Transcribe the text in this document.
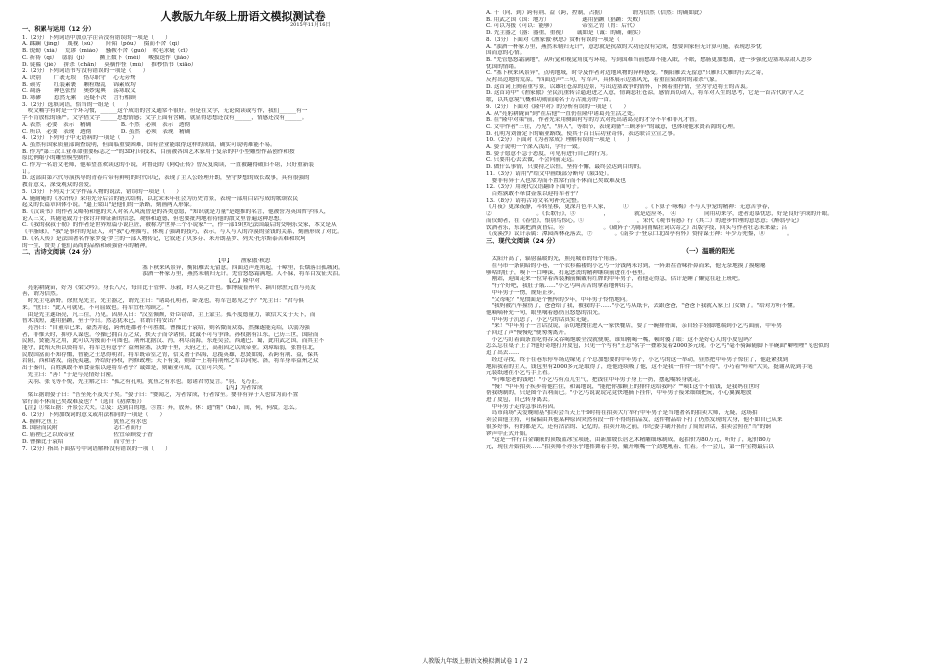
人教版九年级上册语文模拟测试卷
2015年11月16日
一、积累与运用（12 分）
1.（2分）下列词语中加点字注音没有错误的一项是（　　）
A. 蹂躏（jìng）　 蔑视（sù）　　 阡陌（pǒu）　 掇而不舍（qì）
B. 锐勤（xià）　 荒谬（miào）　 骚鞍不舍（guǒ）　吹毛求疵（cī）
C. 祈祷（qí）　 孱弱（jì）　 　 撅上数下（méi）　 峻拔迭作（jiǎo）
D. 徒褴（jié）　 拼杀（chān）　 莫横作怪（mù）　 推杪悟书（xiāo）
2.（2分）下列词语书写没有错误的一项是（　　）
A. 诀别　　 广袤无垠　 恪尽职守　 心无旁骛
B. 顽劣　　 红装素裹　 颗粒缭乱　 锦素成均
C. 凋落　　 神色张惶　 奥妙鬼典　 荡寒取义
D. 寒碜　　 惹然无累　 迟疑不决　 言行相顾
3.（2分）选填词语，恰当的一组是（　　）
　咬文嚼字有时是一个坏习惯，______这个成语的含义通常不很好。但是在文学，无论阅读或写作，我们______有一
字不肯放松的谨严。文学借文字______思想情感；文字上面有含糊，就显得思想还没有______，情感还没有______。
A. 表然　必要　表示　精确　　　　　 B. 不然　必须　表示　透彻
C. 所以　必要　表现　透彻　　　　　 D. 虽然　必须　表现　精确
4.（2分）下列句子中无语病的一项是（　　）
A. 虽然有国家质量部调查说明，但面临重要困难，国有企业能取得这样的成绩，确实可说明难能不易。
B. 作为"第三次工业革命重要标志之一"的3D打印技术，目前被各国艺术家用于复杂的中小型雕塑作品创作和按
原比例缩小的雕塑模型制作。
C. 作为一名语文老师，他希望喜欢读这的小说，对鲁迅的《阿Q正传》曾反复阅读，一直被翻得破旧不堪，只好重新装
订。
D. 这部由第六代导演执导的青春片带有鲜明的时代印记，表现了主人公经理开朗，坚守梦想的成长故事，具有很强的
教育意义，深受观众的喜爱。
5.（3分）下列关于文学作品人物的说法，错误的一项是（　　）
A. 施耐庵的《水浒传》采用先分后合的链式结构，以北宋末年社会为历史背景，表现一部用白话写成的歌颂农民
起义的长篇章回体小说。"逼上梁山"是他们的一条路，刻画两人形象。
B.《汉谈书》的作者艾略特和他的夫人对名人风流曾是的各类意愿，"知识就是力量"是她推的名言，他被誉为英国哲学伟人，
论人三文，其随笔致力于探讨并辩证新的信念，观察和道德，但也要批判地看待他的散文里普遍这种思想。
C.《我的叔叔于勒》的作者是世界短篇小说巨匠，被称为"世界三个小说家"一，作一部19世纪法国最后的交响乐交家，本文是从
《羊脂球》，"我"是事件的见证人，对"我"心理描写，体现了强调的技巧，表示，与人与人的冷漠的金钱的关系，刻画形成了对比。
D.《名人传》是法国著名作家罗曼·罗兰的一部人物传记，它叙述了贝多芬、米开朗基罗、列夫·托尔斯泰苦难和坎坷
的一生，赞美了他们高尚的品格和顽强奋斗的精神。
二、古诗文阅读（24 分）
【甲】　　渔家傲·秋思
塞下秋来风景异，衡阳雁去无留意。四面边声连角起，千嶂里，长烟落日孤城闭。
浊酒一杯家万里，燕然未勒归无计。羌管悠悠霜满地。人不寐，将军白发征夫泪。
【乙】隆中对
　亮躬耕陇亩，好为《梁父吟》。身长八尺，每自比于管仲、乐毅，时人莫之许也。惟博陵崔州平、颍川徐庶元直与亮友
善，谓为信然。
　时先主屯新野。徐庶见先主，先主器之，谓先主曰："诸葛孔明者，卧龙也，将军岂愿见之乎？"先主曰："君与俱
来。"庶曰："此人可就见，不可屈致也。将军宜枉驾顾之。"
　由是先主遂诣亮，凡三往，乃见。因屏人曰："汉室倾颓，奸臣窃命，主上蒙尘。孤不度德量力，欲信大义于天下，而
智术浅短，遂用猖蹶，至于今日。然志犹未已，君谓计将安出？"
　亮答曰："自董卓已来，豪杰并起，跨州连郡者不可胜数。曹操比于袁绍，则名微而众寡，然操遂能克绍，以弱为强
者，非惟天时，抑亦人谋也。今操已拥百万之众，挟天子而令诸侯，此诚不可与争锋。孙权据有江东，已历三世，国险而
民附，贤能为之用，此可以为援而不可图也。荆州北据汉、沔，利尽南海，东连吴会，西通巴、蜀，此用武之国，而其主不
能守，此殆天所以资将军，将军岂有意乎？益州险塞，沃野千里，天府之土，高祖因之以成帝业。刘璋暗弱，张鲁在北，
民殷国富而不知存恤，智能之士思得明君。将军既帝室之胄，信义著于四海，总揽英雄，思贤如渴，若跨有荆、益，保其
岩阻，西和诸戎，南抚夷越，外结好孙权，内修政理；天下有变，则命一上将将荆州之军以向宛、洛，将军身率益州之众
出于秦川，百姓孰敢不箪食壶浆以迎将军者乎？诚如是，则霸业可成，汉室可兴矣。"
　先主曰："善！"于是与亮情好日密。
　关羽、张飞等不悦，先主解之曰："孤之有孔明，犹鱼之有水也。愿诸君勿复言。"羽、飞乃止。
【丙】为者常成
　梁丘据谓晏子曰："吾至死不及夫子矣。"晏子曰："婴闻之，为者常成，行者常至。婴非有异于人也常为而不置
常行而不休而已矣故难及也？"（选自《初潭集》）
【注】①梁丘据：齐景公大夫。②及：达到目的地。③置：弃，放弃。休：通"彻"（hū），间，何，何故。怎么。
6.（2分）下列加线词的意义或用法相同的一项是（　　）
A. 握鲜之鱼上　　　　　　　　　　犹鱼之有水也
B. 国险而民附　　　　　　　　　　志仁者而行
C. 庙禋已之以成帝业　　　　　　　佐宜帝顾爱子香
D. 曹操比于袁绍　　　　　　　　　而寸至于
7.（2分）指出下面括号中词语解释没有错误的一项（　　）
A. 千（向、到）跨有荆、益（跨，控制，占据）　　　　　 谓为信然（信然：的确如此）
B. 用武之国（国：地方）　　　　　　 遂用猖蹶（猖蹶：失败）
C. 可以为援（可以：能够）　　　　　 帝室之胄（胄：后代）
D. 先主器之（器：器重，重视）　　 诚如是（诚：的确，确实）
8.（3分）下面对《渔家傲·秋思》赏析有误的一项是（　　）
A. "浊酒一杯家万里，燕然未勒归无计"，意思就是抗敌的大功还没有完成，想要回家但无计算可施，表现思乡忧
国而意的心情。
B. "羌管悠悠霜满地"，从听觉和视觉角度写环境，写到国难当前愁却不能入眠，不眠，愁肠更加想离，进一步强化边塞寒凉肃人思乡
忧国的情绪。
C. "塞下秋来风景异"，点明地域，时令及作者对边地风物的异样感受。"衡阳雁去无留意"只雁归大雁的行去之寄，
反衬出边地的荒凉。"四面边声"三句，写军声，具体展示边塞风光，着重渲染战时的肃杀气象。
D. 这首词上阕着重写景，以雄壮苍凉的边景，写出边塞战争的情怀，下阕着重抒情，全为守边将士的苦衷。
D. 这首诗中"《渔家傲》全民沉重转合逼迫进之人意，情调悲壮苍凉，感情真切动人，将军对人生的思考，它是一首古代防守人之
歌，以其意境气概和功勋而闻名于万古流芳的一首。
9.（2分）下面对《隆中对》的分析有误的一项是（　　）
A. 从"亮躬耕陇亩"到"在后他"一直仍在隆中诸葛亮生活之处。
B. 在"隆中对策"前，作者先采用侧面衬写的方式对托出诸葛亮的才分不平和非凡才智。
C. 文中作者"三往，乃见"，"屏人"，等细节，表现刘备"三顾茅庐"的诚意，也体现他求贤若渴的心理。
D. 孔明为刘备定下的霸业路线，使其于百日后功业奇伟，表达联合立宣之事。
10.（2分）下面对《为者常成》理解有误的一项是（　　）
A. 晏子说明一个深入浅出，学行一致。
B. 晏子愿意不急于态度，可见有进行自己的行为。
C. 只要用心去去做，不会向前走远。
D. 做什么事情，只要持之以恒，坚持不懈，最终会达到目的的。
11.（3分）请用"/"给文中画线部分断句（限3处）。
　婴非有异于人也常为而不置常行而不休而已矣故难及也
12.（3分）用现代汉语翻译下面句子。
　百姓孰敢不箪食壶浆以迎将军者乎？
13.（8分）请将古诗文名句补充完整。
《月夜》更深夜静，斗转星移，更深月色半人家，　　　①　　　。《卜算子·咏梅》不与人争宠的精神：无意苦争春，
②　　　　　　　　。《长歌行》，③　　　　　，　　　　　就是适应冬，　④　　　　　同用功来学，进者追慕忧思，好是良好学成的开眼。
而仅勤者，在《春望》，恨别鸟惊心。⑤　　　　　　。　　　，宋代《观书有感》行（其二）的进步哲理的意思意；《醉翁亭记》
饮酒者乐，东篱把酒黄昏后，⑥　　　　　　　。《破阵子·为陈同甫赋壮词以寄之》出版学技，回头与作者壮志未来豪；吕
《茂溪沙》议计亲属：潭园西林花落去，⑦　　　　。《南乡子·登京口北固亭有怀》赞持谋士神：年少万兜鍪，⑧　　　　。
三、现代文阅读（24 分）
（一）温暖的阳光
　太阳升高了，辐射温暖的光，照亮城市的每个角落。
　在马市一条阴暗的小巷，一个衣衫褴褛的小乞丐一分钱两未讨到，一阵萧茬香味扑鼻而来，他无奈地摸了摸瘪瘪
够咕的肚子，嗅下一口唾沫，打起恶丧的精神继续前进在小巷里。
　刚站，迎面走来一位穿着西装胸前佩戴有红牌的中年男子，看他走得急，估计是睡了懒觉在赶上班吧。
　"行个好吧，我肚子饿……"小乞丐叫苦苦的拿着地伸出手。
　中年男子一愣，规矩止步。
　"父母呢？"见惯面是个憔悴的少年，中年男子怜惜地问。
　"我妈被汽车撞伤了，爸爸给了我，被我的手……"小乞丐从纸卡，去跟爸爸，"爸爸下我就入家上门女婿了。"给对方听不懂。
他嘀嘀补充一句，眼里噙着感伤且悠悠的泪光。
　中年男子沉思了，小乞丐的话真实无疑。
　"来！"中年男子一言话没说，亲切地拽住进入一家快餐店，要了一碗排骨面，亲自轻手轻脚地端到小乞丐面前，中年男
子回过了声"慢慢吃"便匆匆离开。
　小乞丐盯着面条直吃得吞又吞喝饱暖全没就便爬，谁知刚喝一嘴，顿时傻了眼：这不是好心人的小皮包吗？
怎么忘在桌子上了?他好奇地打开皮包，只见一个写有"王总"名字一叠彩复着2000多元现。小乞丐"毫不骑蹄随脚下半碗面"噼哩哩"飞也似的
追了出去……
　经过寻找，终于在巷东停车场边缘见了个总加想要的中年男子，小乞丐的这一举动，昼然把中年男子惊住了，他赶紧找到
地陪我着的主人，钱包里有2000多元是取得了，连他连续吸了他，这不是我一件件一的"不得"，小巧着"咔哈"大笑，挺谢从乾到手笔
元装纸递在小乞丐手上看。
　"叼唯您老的钱吧！"小乞丐有点儿生气，把钱往中年男子身上一扔，摆起嘴转身就走。
　"慢！"中年男子疾步将他拦住，和蔼地说，"能把你那颗上的排件送给我吗？""咦1这个不值钱，是我妈在世时
帮我绣制的，只是图个吉利而已。"小乞丐说说说完竟快地摘下挂件，中年男子接来细细把玩，小心翼翼地放
进了皮包，自己转身离去。
　中年男子走得急事出有因。
　岛市商场"关爱晚晴基"拍卖会当天上午9时将在拍卖大厅举行中年男子是当地著名的拍卖大师，无疑，这场拍
卖会由他主持，可偏偏由其他某种原因突然有段一件不得的拍品发，这件物品给下打了仍然发现的大身，他不如自已从来
很多好事，有的都是大，还有沽沽的、记忆的。拍卖开场之前，市纪委手刷开拓行了简短讲话，拍卖会照在"当"的铜
锣声中正式开始。
　"这是一件行白金镶嵌的顶级蓝冰宝项链，由新加坡长居艺术精雕细琢制成，起拍价为80万元，听好了，起价80万
元，现在开始拍卖……"拍卖师不亦乐乎地挥舞着手势，戴开喉嘴一个劲地吼着、忙着。不一会儿，第一件宝物最后以
人教版九年级上册语文模拟测试卷 1 / 2
